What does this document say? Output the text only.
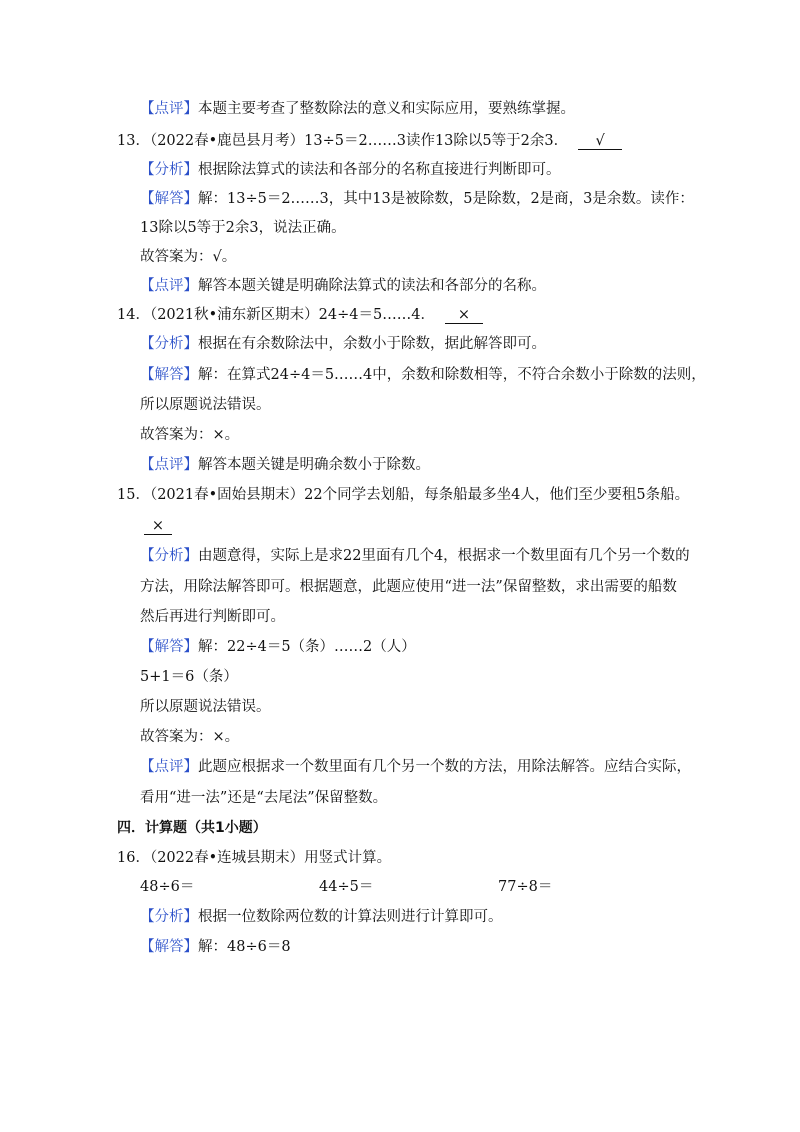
【点评】本题主要考查了整数除法的意义和实际应用，要熟练掌握。
13．（2022春•鹿邑县月考）13÷5＝2……3读作13除以5等于2余3． √
【分析】根据除法算式的读法和各部分的名称直接进行判断即可。
【解答】解：13÷5＝2……3，其中13是被除数，5是除数，2是商，3是余数。读作：
13除以5等于2余3，说法正确。
故答案为：√。
【点评】解答本题关键是明确除法算式的读法和各部分的名称。
14．（2021秋•浦东新区期末）24÷4＝5……4． ×
【分析】根据在有余数除法中，余数小于除数，据此解答即可。
【解答】解：在算式24÷4＝5……4中，余数和除数相等，不符合余数小于除数的法则，
所以原题说法错误。
故答案为：×。
【点评】解答本题关键是明确余数小于除数。
15．（2021春•固始县期末）22个同学去划船，每条船最多坐4人，他们至少要租5条船。
×
【分析】由题意得，实际上是求22里面有几个4，根据求一个数里面有几个另一个数的
方法，用除法解答即可。根据题意，此题应使用“进一法”保留整数，求出需要的船数
然后再进行判断即可。
【解答】解：22÷4＝5（条）……2（人）
5+1＝6（条）
所以原题说法错误。
故答案为：×。
【点评】此题应根据求一个数里面有几个另一个数的方法，用除法解答。应结合实际，
看用“进一法”还是“去尾法”保留整数。
四．计算题（共1小题）
16．（2022春•连城县期末）用竖式计算。
48÷6＝	44÷5＝	77÷8＝
【分析】根据一位数除两位数的计算法则进行计算即可。
【解答】解：48÷6＝8
